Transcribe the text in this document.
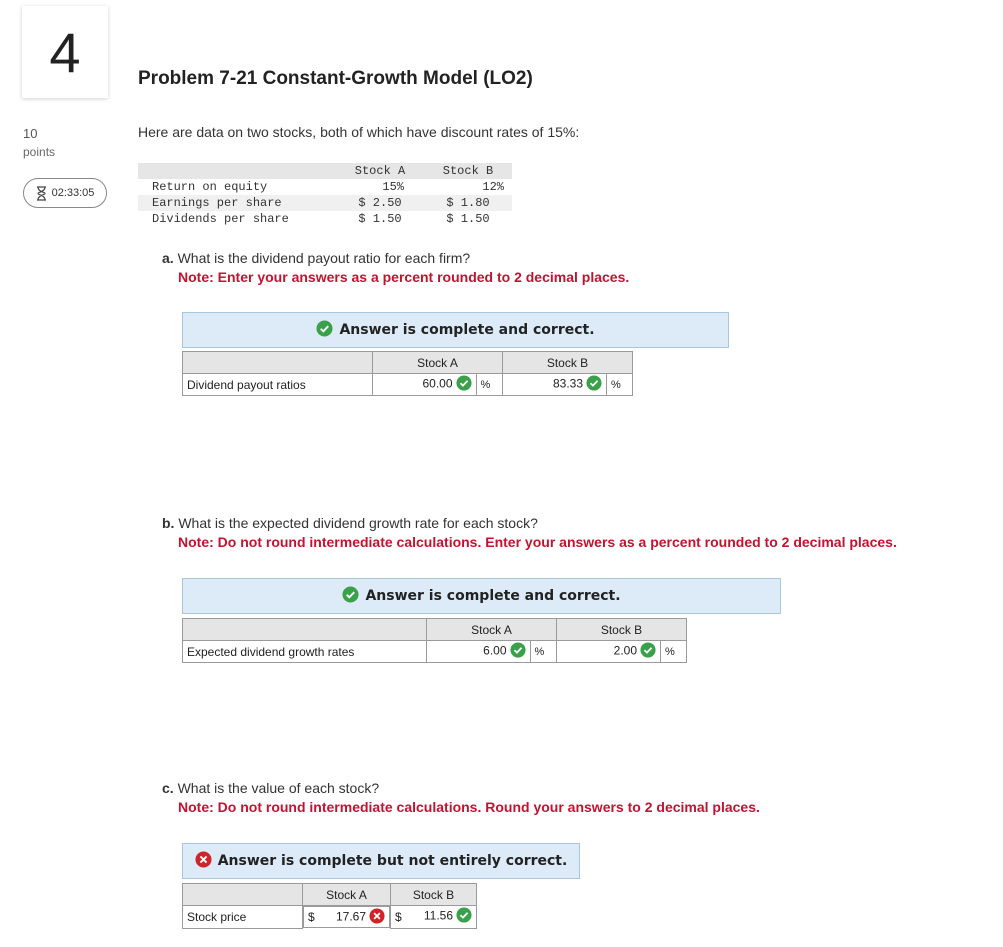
4
10
points
02:33:05
Problem 7-21 Constant-Growth Model (LO2)
Here are data on two stocks, both of which have discount rates of 15%:
	Stock A	Stock B
Return on equity	15%	12%
Earnings per share	$ 2.50	$ 1.80
Dividends per share	$ 1.50	$ 1.50
a. What is the dividend payout ratio for each firm?
Note: Enter your answers as a percent rounded to 2 decimal places.
Answer is complete and correct.
	Stock A		Stock B	
Dividend payout ratios	60.00	%	83.33	%
b. What is the expected dividend growth rate for each stock?
Note: Do not round intermediate calculations. Enter your answers as a percent rounded to 2 decimal places.
Answer is complete and correct.
	Stock A		Stock B	
Expected dividend growth rates	6.00	%	2.00	%
c. What is the value of each stock?
Note: Do not round intermediate calculations. Round your answers to 2 decimal places.
Answer is complete but not entirely correct.
	Stock A	Stock B
Stock price		$ 17.67	$ 11.56
